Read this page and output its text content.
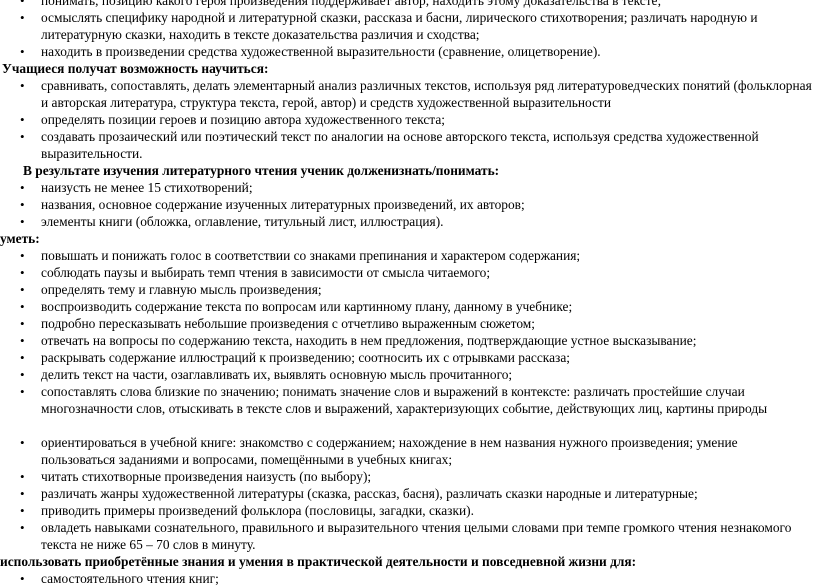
• понимать, позицию какого героя произведения поддерживает автор, находить этому доказательства в тексте;
• осмыслять специфику народной и литературной сказки, рассказа и басни, лирического стихотворения; различать народную и литературную сказки, находить в тексте доказательства различия и сходства;
• находить в произведении средства художественной выразительности (сравнение, олицетворение).
Учащиеся получат возможность научиться:
• сравнивать, сопоставлять, делать элементарный анализ различных текстов, используя ряд литературоведческих понятий (фольклорная и авторская литература, структура текста, герой, автор) и средств художественной выразительности
• определять позиции героев и позицию автора художественного текста;
• создавать прозаический или поэтический текст по аналогии на основе авторского текста, используя средства художественной выразительности.
В результате изучения литературного чтения ученик долженизнать/понимать:
• наизусть не менее 15 стихотворений;
• названия, основное содержание изученных литературных произведений, их авторов;
• элементы книги (обложка, оглавление, титульный лист, иллюстрация).
уметь:
• повышать и понижать голос в соответствии со знаками препинания и характером содержания;
• соблюдать паузы и выбирать темп чтения в зависимости от смысла читаемого;
• определять тему и главную мысль произведения;
• воспроизводить содержание текста по вопросам или картинному плану, данному в учебнике;
• подробно пересказывать небольшие произведения с отчетливо выраженным сюжетом;
• отвечать на вопросы по содержанию текста, находить в нем предложения, подтверждающие устное высказывание;
• раскрывать содержание иллюстраций к произведению; соотносить их с отрывками рассказа;
• делить текст на части, озаглавливать их, выявлять основную мысль прочитанного;
• сопоставлять слова близкие по значению; понимать значение слов и выражений в контексте: различать простейшие случаи многозначности слов, отыскивать в тексте слов и выражений, характеризующих событие, действующих лиц, картины природы
• ориентироваться в учебной книге: знакомство с содержанием; нахождение в нем названия нужного произведения; умение пользоваться заданиями и вопросами, помещёнными в учебных книгах;
• читать стихотворные произведения наизусть (по выбору);
• различать жанры художественной литературы (сказка, рассказ, басня), различать сказки народные и литературные;
• приводить примеры произведений фольклора (пословицы, загадки, сказки).
• овладеть навыками сознательного, правильного и выразительного чтения целыми словами при темпе громкого чтения незнакомого текста не ниже 65 – 70 слов в минуту.
использовать приобретённые знания и умения в практической деятельности и повседневной жизни для:
• самостоятельного чтения книг;
